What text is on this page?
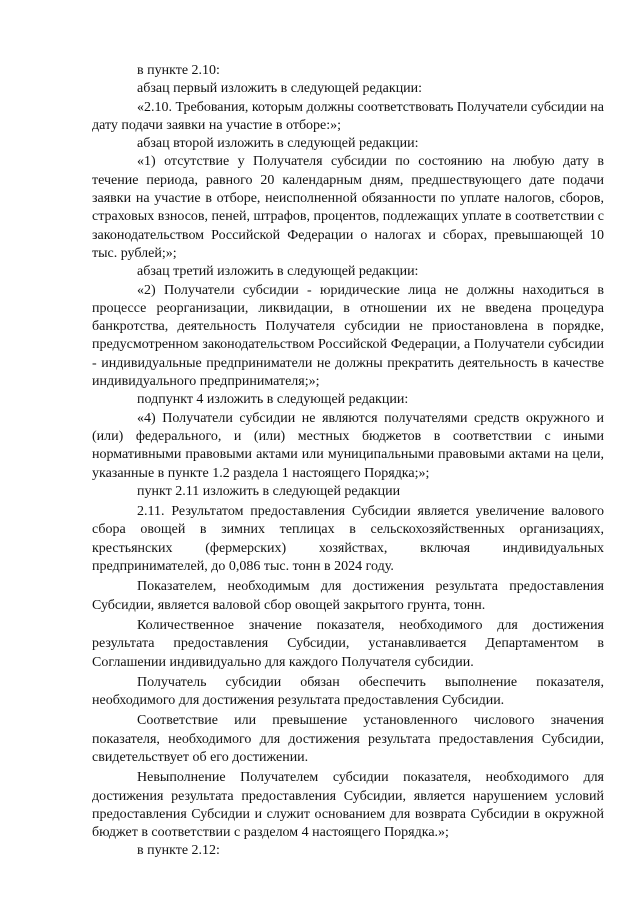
в пункте 2.10:

абзац первый изложить в следующей редакции:

«2.10. Требования, которым должны соответствовать Получатели субсидии на дату подачи заявки на участие в отборе:»;

абзац второй изложить в следующей редакции:

«1) отсутствие у Получателя субсидии по состоянию на любую дату в течение периода, равного 20 календарным дням, предшествующего дате подачи заявки на участие в отборе, неисполненной обязанности по уплате налогов, сборов, страховых взносов, пеней, штрафов, процентов, подлежащих уплате в соответствии с законодательством Российской Федерации о налогах и сборах, превышающей 10 тыс. рублей;»;

абзац третий изложить в следующей редакции:

«2) Получатели субсидии - юридические лица не должны находиться в процессе реорганизации, ликвидации, в отношении их не введена процедура банкротства, деятельность Получателя субсидии не приостановлена в порядке, предусмотренном законодательством Российской Федерации, а Получатели субсидии - индивидуальные предприниматели не должны прекратить деятельность в качестве индивидуального предпринимателя;»;

подпункт 4 изложить в следующей редакции:

«4) Получатели субсидии не являются получателями средств окружного и (или) федерального, и (или) местных бюджетов в соответствии с иными нормативными правовыми актами или муниципальными правовыми актами на цели, указанные в пункте 1.2 раздела 1 настоящего Порядка;»;

пункт 2.11 изложить в следующей редакции

2.11. Результатом предоставления Субсидии является увеличение валового сбора овощей в зимних теплицах в сельскохозяйственных организациях, крестьянских (фермерских) хозяйствах, включая индивидуальных предпринимателей, до 0,086 тыс. тонн в 2024 году.

Показателем, необходимым для достижения результата предоставления Субсидии, является валовой сбор овощей закрытого грунта, тонн.

Количественное значение показателя, необходимого для достижения результата предоставления Субсидии, устанавливается Департаментом в Соглашении индивидуально для каждого Получателя субсидии.

Получатель субсидии обязан обеспечить выполнение показателя, необходимого для достижения результата предоставления Субсидии.

Соответствие или превышение установленного числового значения показателя, необходимого для достижения результата предоставления Субсидии, свидетельствует об его достижении.

Невыполнение Получателем субсидии показателя, необходимого для достижения результата предоставления Субсидии, является нарушением условий предоставления Субсидии и служит основанием для возврата Субсидии в окружной бюджет в соответствии с разделом 4 настоящего Порядка.»;

в пункте 2.12:
